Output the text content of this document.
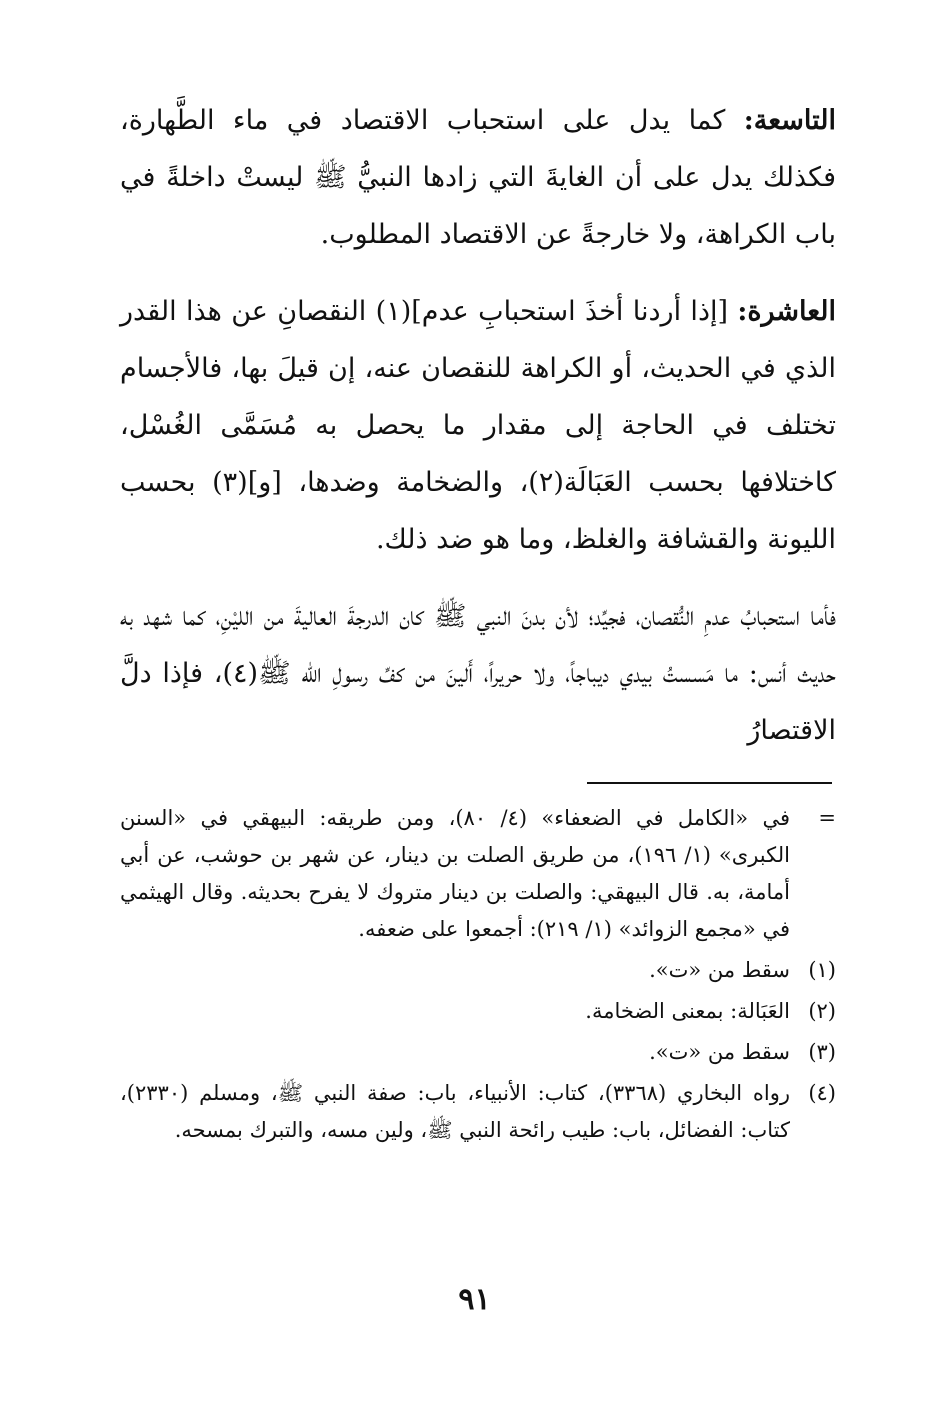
التاسعة: كما يدل على استحباب الاقتصاد في ماء الطَّهارة، فكذلك يدل على أن الغايةَ التي زادها النبيُّ ﷺ ليستْ داخلةً في باب الكراهة، ولا خارجةً عن الاقتصاد المطلوب.

العاشرة: [إذا أردنا أخذَ استحبابِ عدم](١) النقصانِ عن هذا القدر الذي في الحديث، أو الكراهة للنقصان عنه، إن قيلَ بها، فالأجسام تختلف في الحاجة إلى مقدار ما يحصل به مُسَمَّى الغُسْل، كاختلافها بحسب العَبَالَة(٢)، والضخامة وضدها، [و](٣) بحسب الليونة والقشافة والغلظ، وما هو ضد ذلك.

فأما استحبابُ عدمِ النُّقصان، فجيِّد؛ لأن بدنَ النبي ﷺ كان الدرجةَ العاليةَ من الليْنِ، كما شهد به حديث أنس: ما مَسستُ بيدي ديباجاً، ولا حريراً، أَلينَ من كفِّ رسولِ الله ﷺ(٤)، فإذا دلَّ الاقتصارُ

=
في «الكامل في الضعفاء» (٤/ ٨٠)، ومن طريقه: البيهقي في «السنن الكبرى» (١/ ١٩٦)، من طريق الصلت بن دينار، عن شهر بن حوشب، عن أبي أمامة، به. قال البيهقي: والصلت بن دينار متروك لا يفرح بحديثه. وقال الهيثمي في «مجمع الزوائد» (١/ ٢١٩): أجمعوا على ضعفه.
(١)
سقط من «ت».
(٢)
العَبَالة: بمعنى الضخامة.
(٣)
سقط من «ت».
(٤)
رواه البخاري (٣٣٦٨)، كتاب: الأنبياء، باب: صفة النبي ﷺ، ومسلم (٢٣٣٠)، كتاب: الفضائل، باب: طيب رائحة النبي ﷺ، ولين مسه، والتبرك بمسحه.
٩١
